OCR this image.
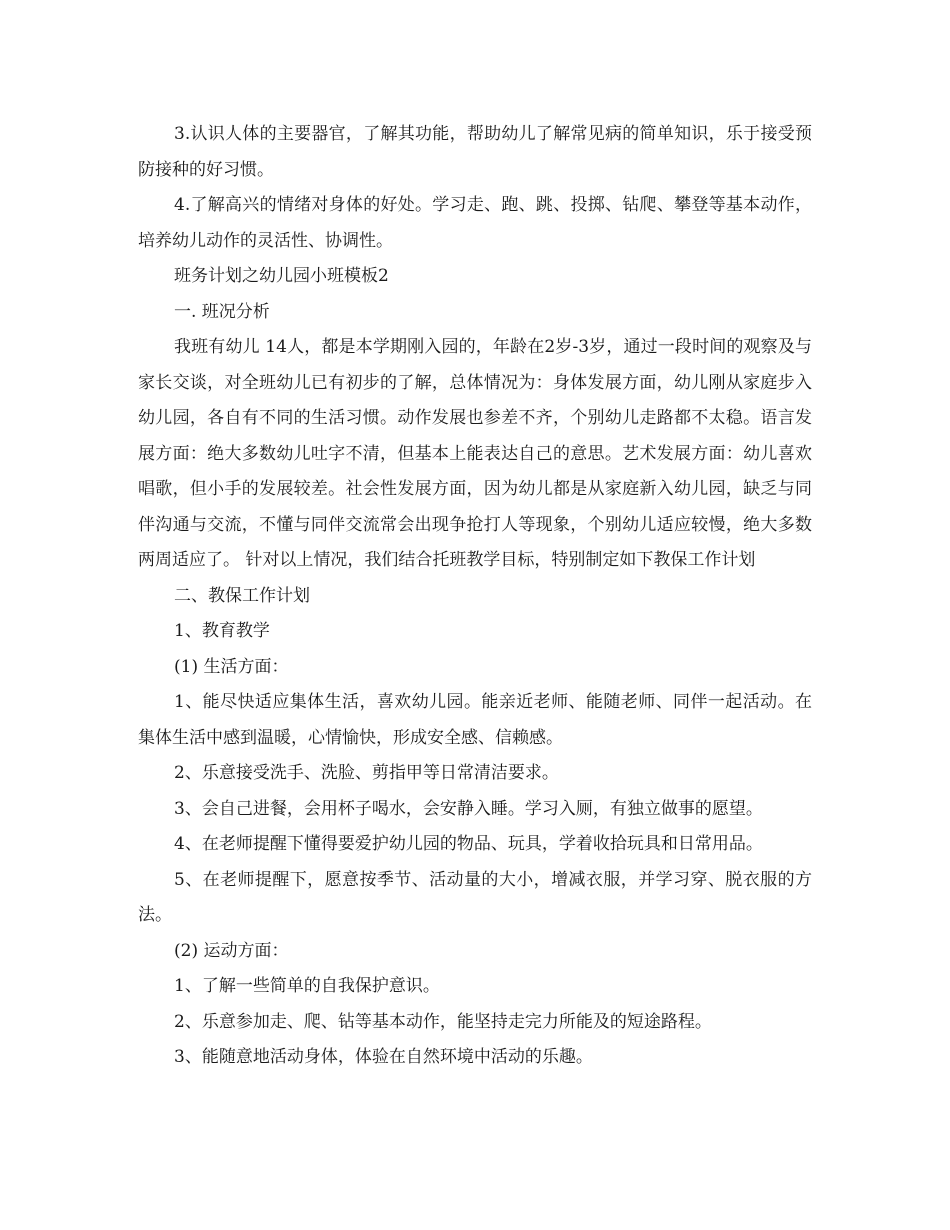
3.认识人体的主要器官，了解其功能，帮助幼儿了解常见病的简单知识，乐于接受预防接种的好习惯。

4.了解高兴的情绪对身体的好处。学习走、跑、跳、投掷、钻爬、攀登等基本动作，培养幼儿动作的灵活性、协调性。

班务计划之幼儿园小班模板2

一. 班况分析

我班有幼儿 14人，都是本学期刚入园的，年龄在2岁-3岁，通过一段时间的观察及与家长交谈，对全班幼儿已有初步的了解，总体情况为：身体发展方面，幼儿刚从家庭步入幼儿园，各自有不同的生活习惯。动作发展也参差不齐，个别幼儿走路都不太稳。语言发展方面：绝大多数幼儿吐字不清，但基本上能表达自己的意思。艺术发展方面：幼儿喜欢唱歌，但小手的发展较差。社会性发展方面，因为幼儿都是从家庭新入幼儿园，缺乏与同伴沟通与交流，不懂与同伴交流常会出现争抢打人等现象，个别幼儿适应较慢，绝大多数两周适应了。 针对以上情况，我们结合托班教学目标，特别制定如下教保工作计划

二、教保工作计划

1、教育教学

(1) 生活方面：

1、能尽快适应集体生活，喜欢幼儿园。能亲近老师、能随老师、同伴一起活动。在集体生活中感到温暖，心情愉快，形成安全感、信赖感。

2、乐意接受洗手、洗脸、剪指甲等日常清洁要求。

3、会自己进餐，会用杯子喝水，会安静入睡。学习入厕，有独立做事的愿望。

4、在老师提醒下懂得要爱护幼儿园的物品、玩具，学着收拾玩具和日常用品。

5、在老师提醒下，愿意按季节、活动量的大小，增减衣服，并学习穿、脱衣服的方法。

(2) 运动方面：

1、了解一些简单的自我保护意识。

2、乐意参加走、爬、钻等基本动作，能坚持走完力所能及的短途路程。

3、能随意地活动身体，体验在自然环境中活动的乐趣。
